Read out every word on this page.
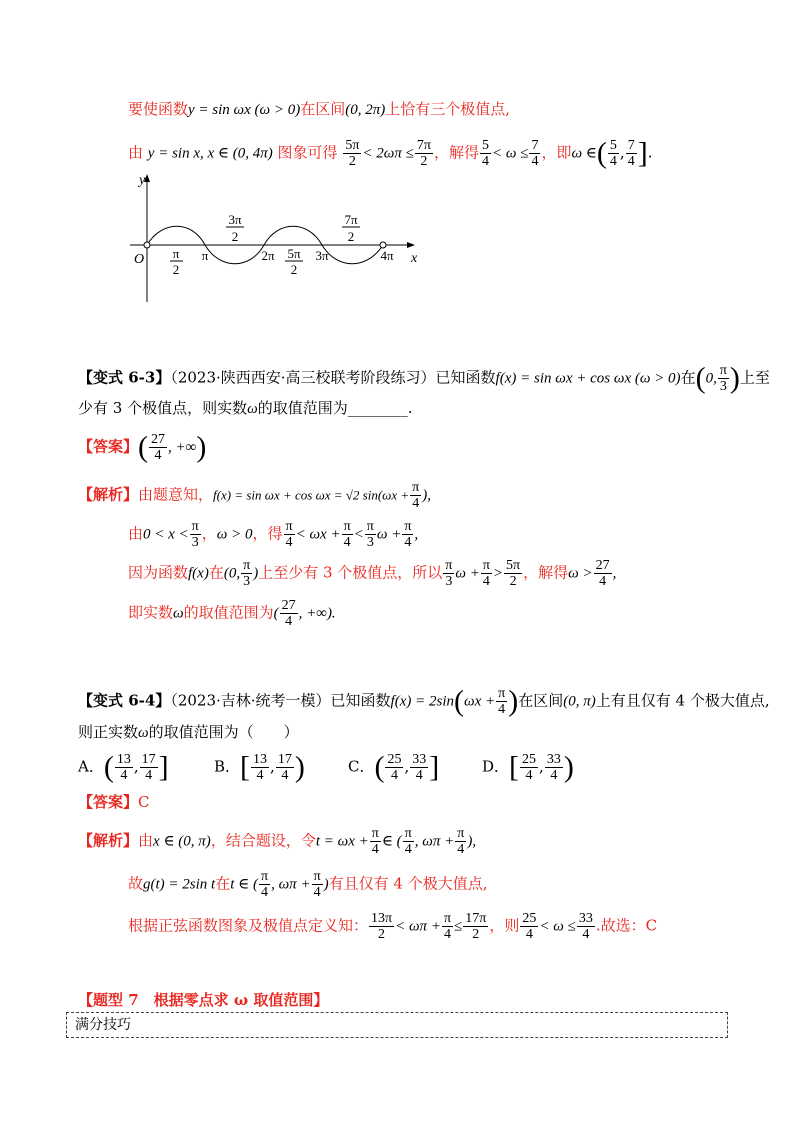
要使函数y = sin ωx (ω > 0)在区间(0, 2π)上恰有三个极值点,
由 y = sin x, x ∈ (0, 4π) 图象可得 $\frac{5\pi}{2} < 2\omega\pi \le \frac{7\pi}{2}$ ，解得 $\frac{5}{4} < \omega \le \frac{7}{4}$ ，即ω ∈( $\frac{5}{4}$ , $\frac{7}{4}$ ].
y
x
O π
2
π
3π
2
2π 5π
2
3π
7π
2
4π
【变式 6-3】（2023·陕西西安·高三校联考阶段练习）已知函数f(x) = sin ωx + cos ωx (ω > 0)在(0, $\frac{\pi}{3}$ )上至
少有 3 个极值点，则实数ω的取值范围为________.
【答案】( $\frac{27}{4}$ , +∞)
【解析】由题意知，f(x) = sin ωx + cos ωx = √2 $\sin(\omega x + \frac{\pi}{4}$ ),
由$0 < x < \frac{\pi}{3}$ ，ω > 0，得 $\frac{\pi}{4} < \omega x + \frac{\pi}{4} < \frac{\pi}{3}$ $\omega + \frac{\pi}{4}$ ,
因为函数f(x)在(0, $\frac{\pi}{3}$ )上至少有 3 个极值点，所以 $\frac{\pi}{3}$ $\omega + \frac{\pi}{4} > \frac{5\pi}{2}$ ，解得$\omega > \frac{27}{4}$ ,
即实数ω的取值范围为( $\frac{27}{4}$ , +∞).
【变式 6-4】（2023·吉林·统考一模）已知函数$f(x) = 2\sin(\omega x + \frac{\pi}{4}$ )在区间(0, π)上有且仅有 4 个极大值点,
则正实数ω的取值范围为（　　）
A．( $\frac{13}{4}$ , $\frac{17}{4}$ ]	B．[ $\frac{13}{4}$ , $\frac{17}{4}$ )	C．( $\frac{25}{4}$ , $\frac{33}{4}$ ]	D．[ $\frac{25}{4}$ , $\frac{33}{4}$ )
【答案】C
【解析】由x ∈ (0, π)，结合题设，令$t = \omega x + \frac{\pi}{4}$ ∈ ( $\frac{\pi}{4}$ , $\omega\pi + \frac{\pi}{4}$ ),
故g(t) = 2sin t在t ∈ ( $\frac{\pi}{4}$ , $\omega\pi + \frac{\pi}{4}$ )有且仅有 4 个极大值点,
根据正弦函数图象及极值点定义知： $\frac{13\pi}{2} < \omega\pi + \frac{\pi}{4} \le \frac{17\pi}{2}$ ，则 $\frac{25}{4} < \omega \le \frac{33}{4}$ .故选：C
【题型 7　根据零点求 ω 取值范围】
满分技巧
